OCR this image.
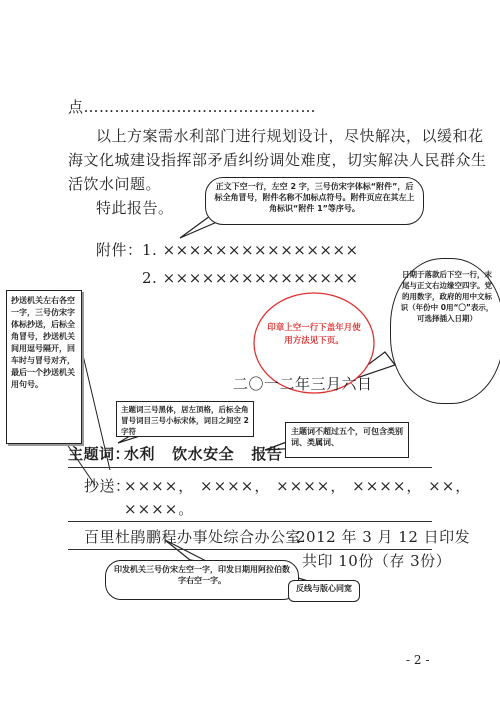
点………………………………………
以上方案需水利部门进行规划设计，尽快解决，以缓和花
海文化城建设指挥部矛盾纠纷调处难度，切实解决人民群众生
活饮水问题。
特此报告。
附件： 1. ×××××××××××××××
2. ×××××××××××××××
二〇一二年三月六日
主题词：
水利   饮水安全   报告
抄送：
××××， ××××， ××××， ××××， ××，
××××。
百里杜鹃鹏程办事处综合办公室
2012 年 3 月 12 日印发
共印 10份（存 3份）
- 2 -
正文下空一行，左空 2 字，三号仿宋字体标“附件”，后标全角冒号，附件名称不加标点符号。附件页应在其左上角标识“附件 1”等序号。
日期于落款后下空一行，末尾与正文右边缘空四字。党的用数字，政府的用中文标识（年份中 0用“〇”表示，可选择插入日期）
印章上空一行下盖年月使用方法见下页。
抄送机关左右各空一字，三号仿宋字体标抄送，后标全角冒号，抄送机关间用逗号隔开，回车时与冒号对齐，最后一个抄送机关用句号。
主题词三号黑体，居左顶格，后标全角冒号词目三号小标宋体，词目之间空 2 字符	主题词不超过五个，可包含类别词、类属词、
印发机关三号仿宋左空一字，印发日期用阿拉伯数字右空一字。
反线与版心同宽
